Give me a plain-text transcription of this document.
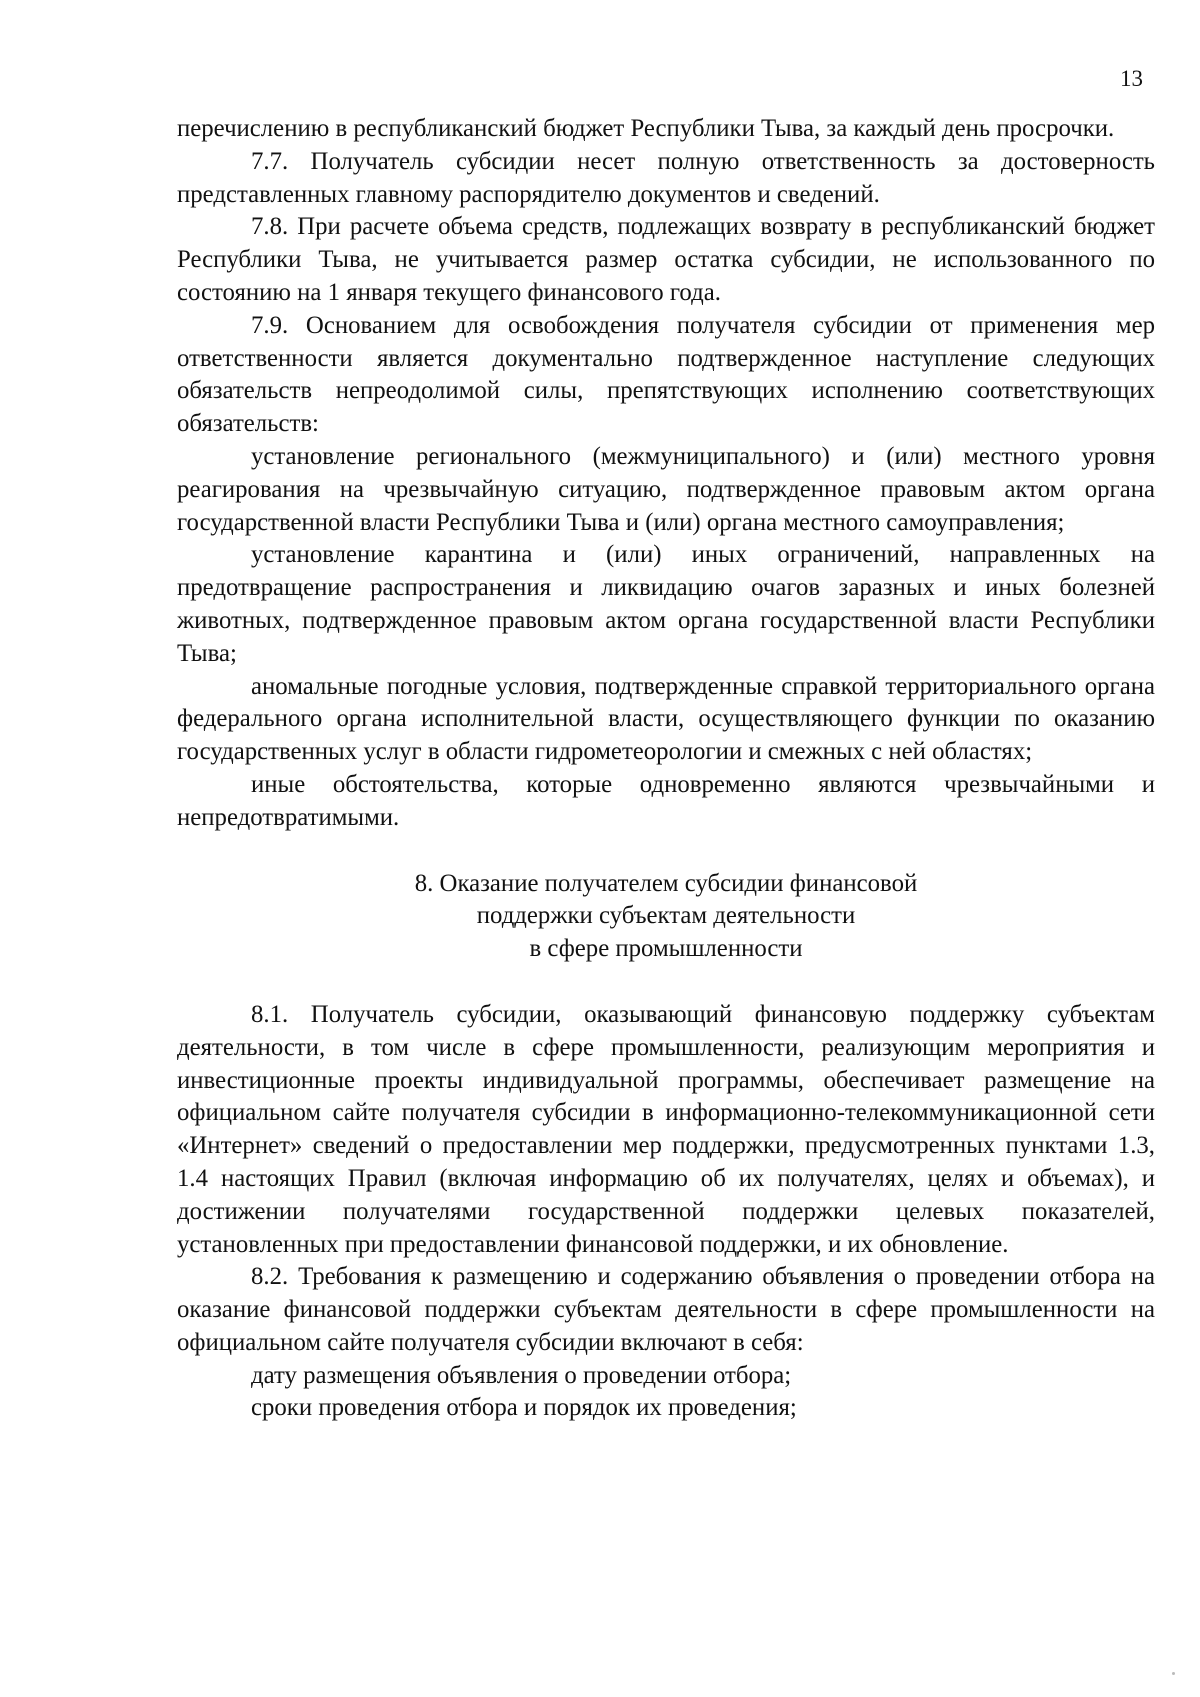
13

перечислению в республиканский бюджет Республики Тыва, за каждый день просрочки.

7.7. Получатель субсидии несет полную ответственность за достоверность представленных главному распорядителю документов и сведений.

7.8. При расчете объема средств, подлежащих возврату в республиканский бюджет Республики Тыва, не учитывается размер остатка субсидии, не использованного по состоянию на 1 января текущего финансового года.

7.9. Основанием для освобождения получателя субсидии от применения мер ответственности является документально подтвержденное наступление следующих обязательств непреодолимой силы, препятствующих исполнению соответствующих обязательств:

установление регионального (межмуниципального) и (или) местного уровня реагирования на чрезвычайную ситуацию, подтвержденное правовым актом органа государственной власти Республики Тыва и (или) органа местного самоуправления;

установление карантина и (или) иных ограничений, направленных на предотвращение распространения и ликвидацию очагов заразных и иных болезней животных, подтвержденное правовым актом органа государственной власти Республики Тыва;

аномальные погодные условия, подтвержденные справкой территориального органа федерального органа исполнительной власти, осуществляющего функции по оказанию государственных услуг в области гидрометеорологии и смежных с ней областях;

иные обстоятельства, которые одновременно являются чрезвычайными и непредотвратимыми.

8. Оказание получателем субсидии финансовой
поддержки субъектам деятельности
в сфере промышленности

8.1. Получатель субсидии, оказывающий финансовую поддержку субъектам деятельности, в том числе в сфере промышленности, реализующим мероприятия и инвестиционные проекты индивидуальной программы, обеспечивает размещение на официальном сайте получателя субсидии в информационно-телекоммуникационной сети «Интернет» сведений о предоставлении мер поддержки, предусмотренных пунктами 1.3, 1.4 настоящих Правил (включая информацию об их получателях, целях и объемах), и достижении получателями государственной поддержки целевых показателей, установленных при предоставлении финансовой поддержки, и их обновление.

8.2. Требования к размещению и содержанию объявления о проведении отбора на оказание финансовой поддержки субъектам деятельности в сфере промышленности на официальном сайте получателя субсидии включают в себя:

дату размещения объявления о проведении отбора;

сроки проведения отбора и порядок их проведения;
